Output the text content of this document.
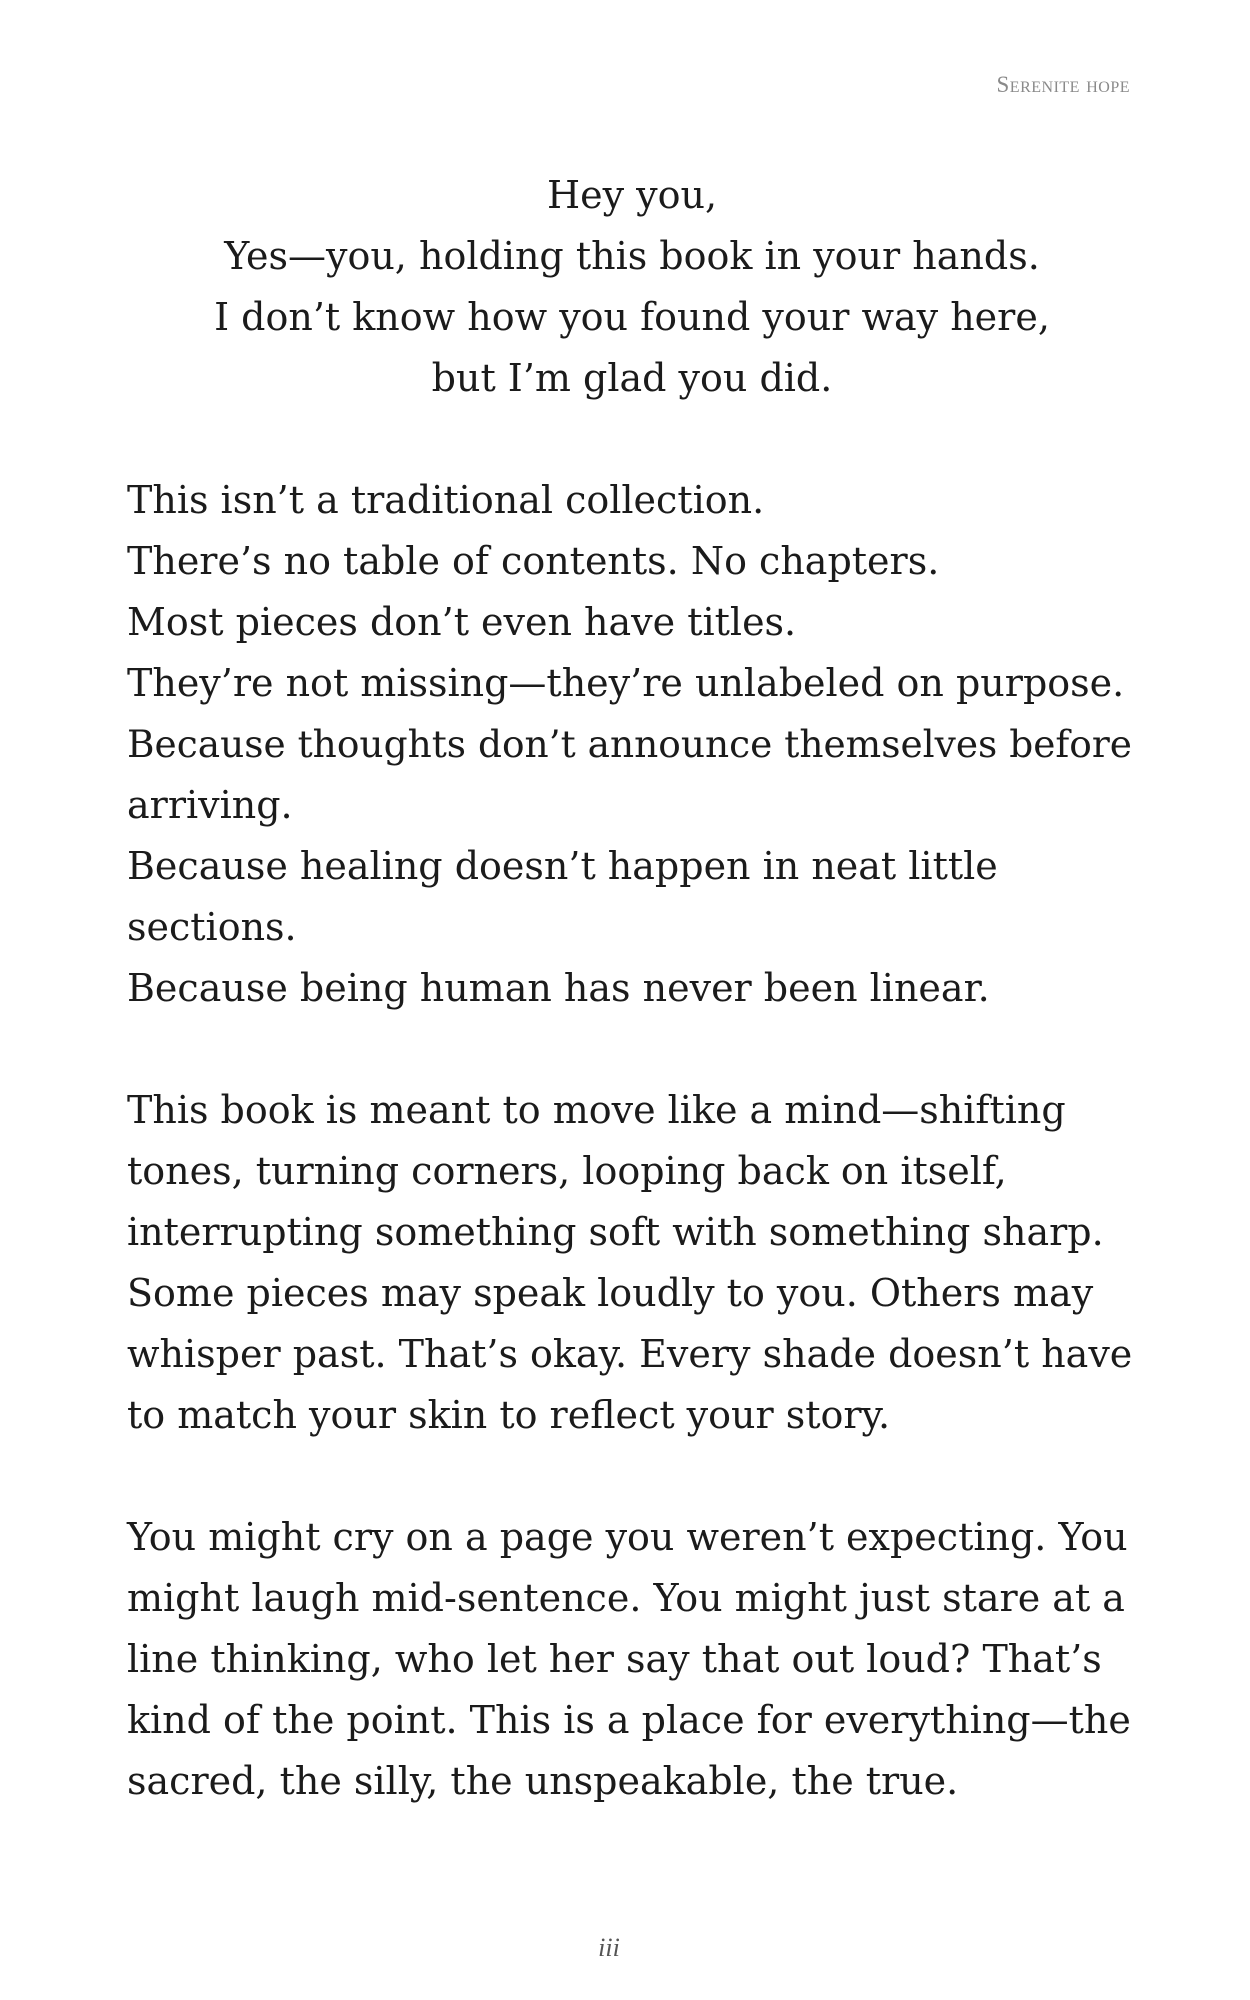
Serenite hope
Hey you,
Yes—you, holding this book in your hands.
I don’t know how you found your way here,
but I’m glad you did.
This isn’t a traditional collection.
There’s no table of contents. No chapters.
Most pieces don’t even have titles.
They’re not missing—they’re unlabeled on purpose.
Because thoughts don’t announce themselves before
arriving.
Because healing doesn’t happen in neat little
sections.
Because being human has never been linear.
This book is meant to move like a mind—shifting
tones, turning corners, looping back on itself,
interrupting something soft with something sharp.
Some pieces may speak loudly to you. Others may
whisper past. That’s okay. Every shade doesn’t have
to match your skin to reflect your story.
You might cry on a page you weren’t expecting. You
might laugh mid-sentence. You might just stare at a
line thinking, who let her say that out loud? That’s
kind of the point. This is a place for everything—the
sacred, the silly, the unspeakable, the true.
iii
